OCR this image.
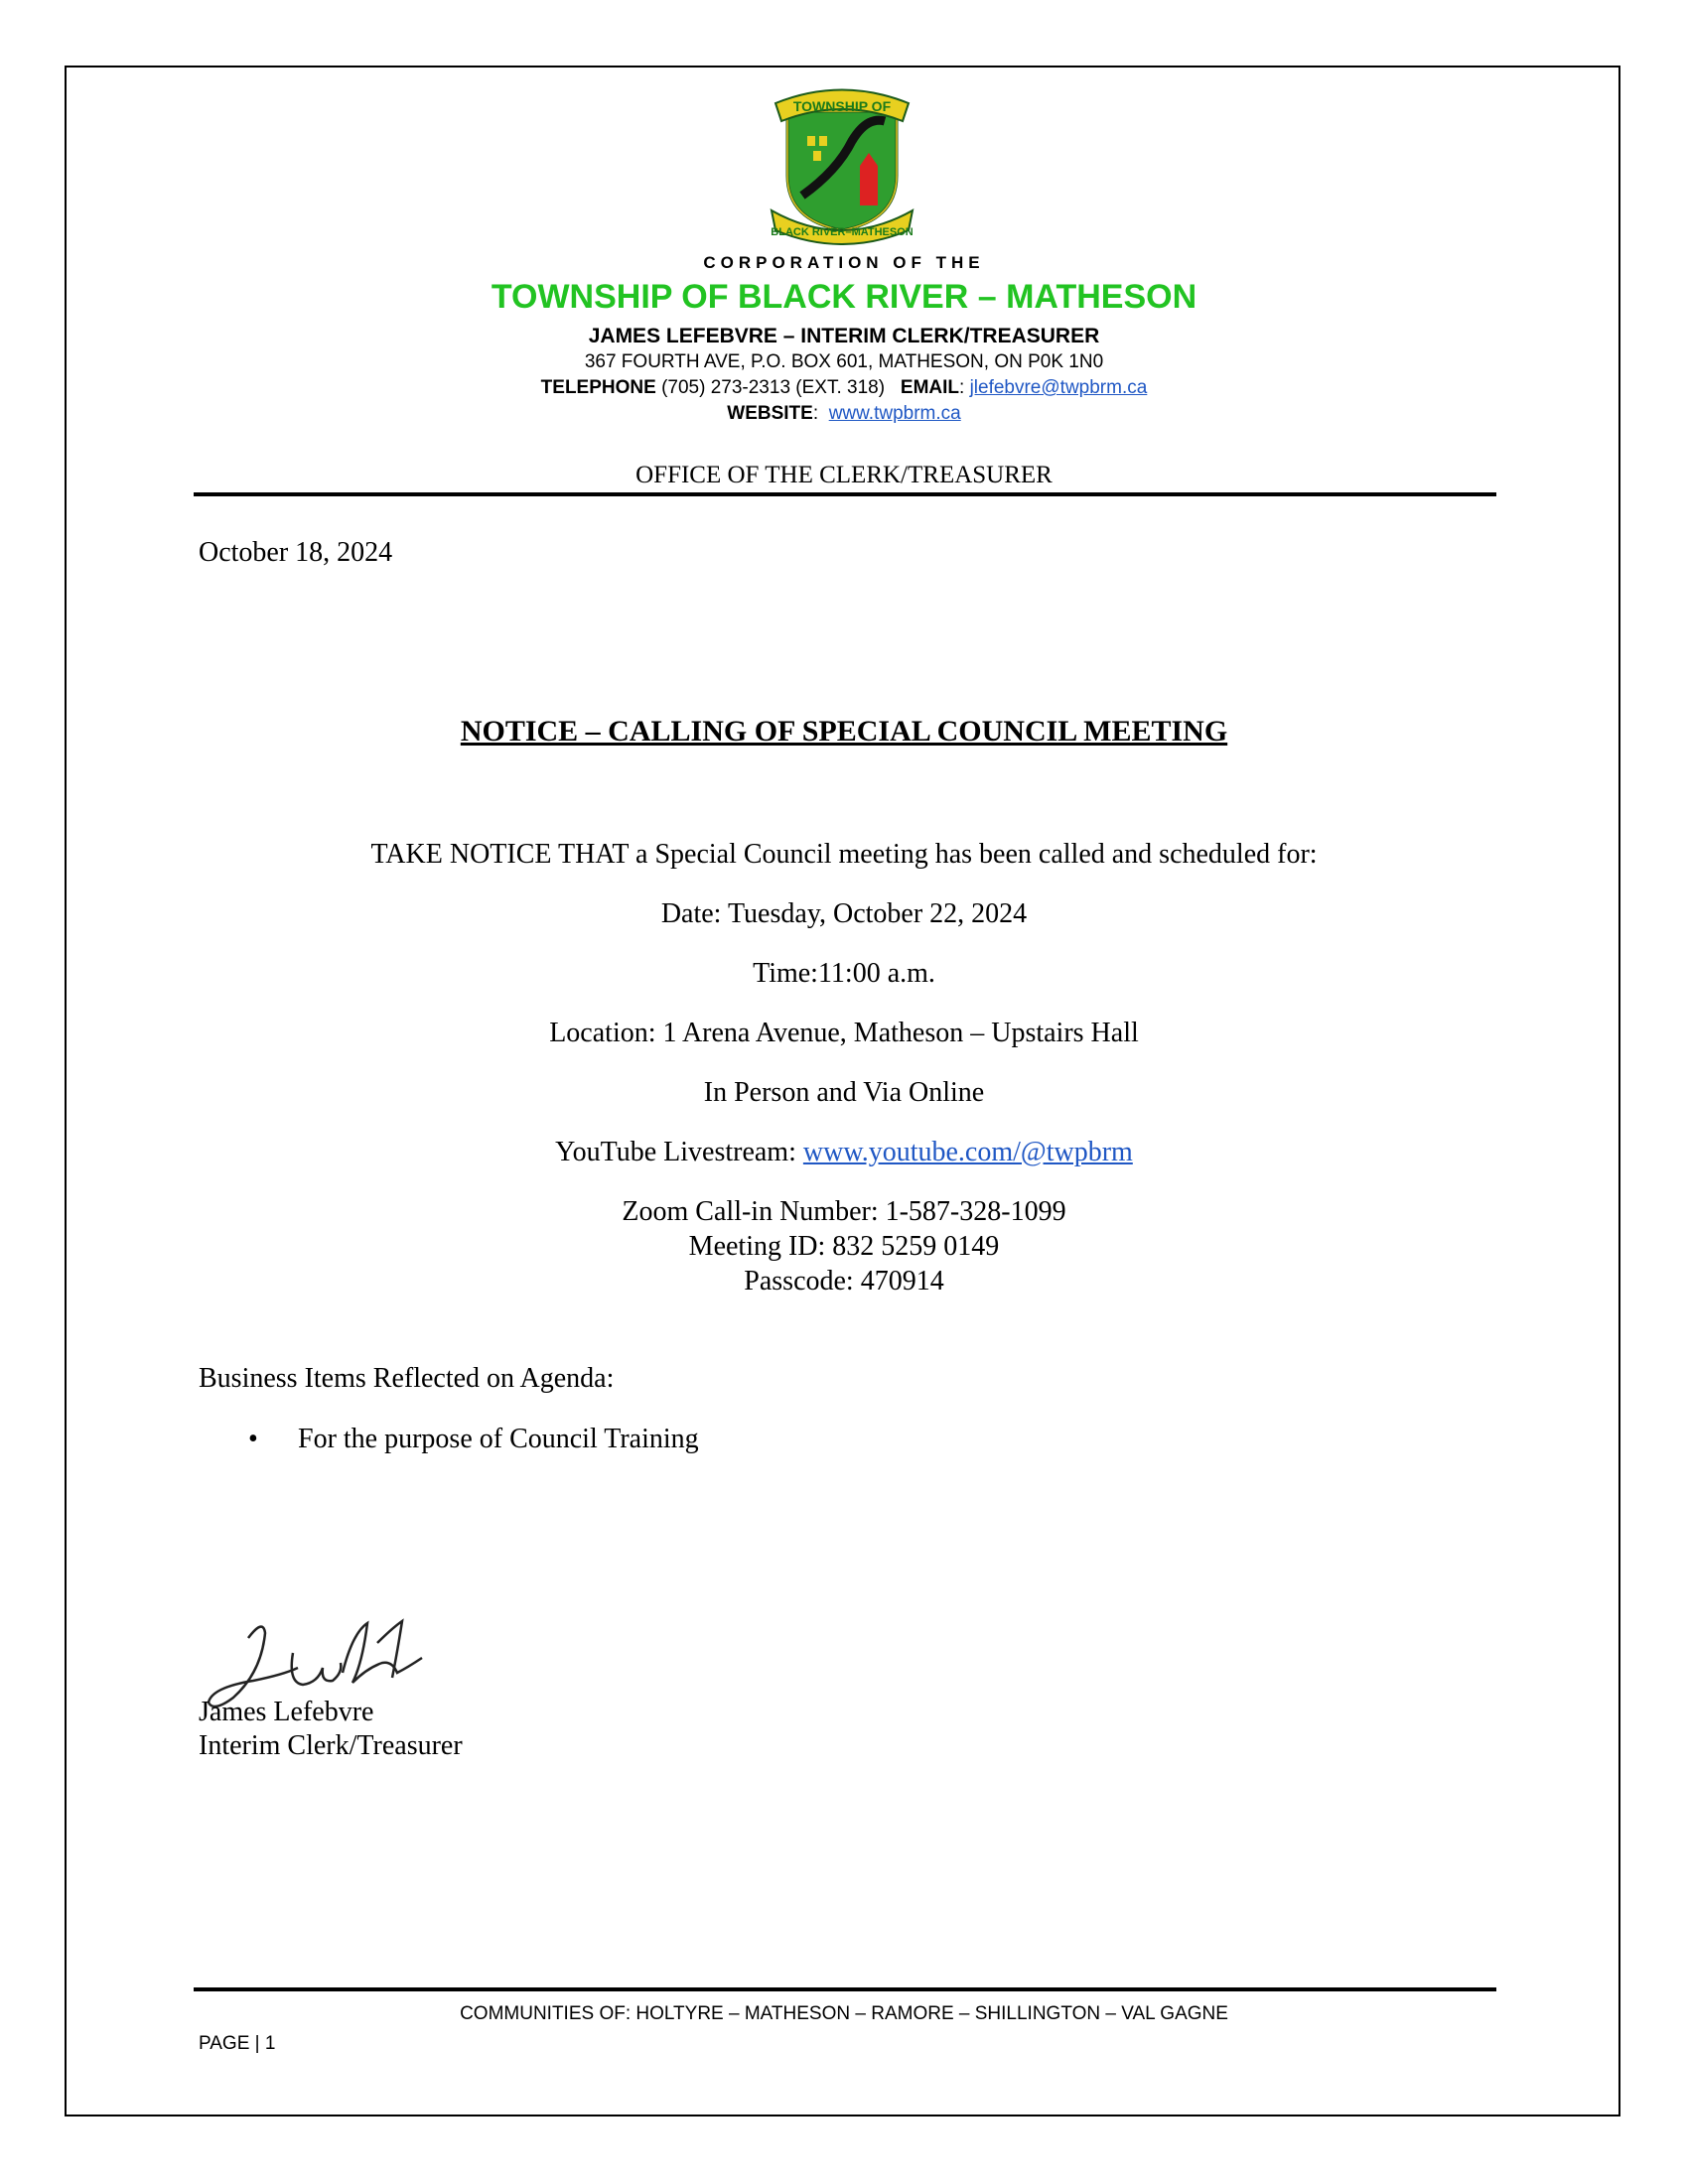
TOWNSHIP OF
BLACK RIVER–MATHESON
CORPORATION OF THE
TOWNSHIP OF BLACK RIVER – MATHESON
JAMES LEFEBVRE – INTERIM CLERK/TREASURER
367 FOURTH AVE, P.O. BOX 601, MATHESON, ON P0K 1N0
TELEPHONE (705) 273-2313 (EXT. 318) EMAIL: jlefebvre@twpbrm.ca
WEBSITE:  www.twpbrm.ca
OFFICE OF THE CLERK/TREASURER
October 18, 2024
NOTICE – CALLING OF SPECIAL COUNCIL MEETING
TAKE NOTICE THAT a Special Council meeting has been called and scheduled for:
Date: Tuesday, October 22, 2024
Time:11:00 a.m.
Location: 1 Arena Avenue, Matheson – Upstairs Hall
In Person and Via Online
YouTube Livestream: www.youtube.com/@twpbrm
Zoom Call-in Number: 1-587-328-1099
Meeting ID: 832 5259 0149
Passcode: 470914
Business Items Reflected on Agenda:
• For the purpose of Council Training
James Lefebvre
Interim Clerk/Treasurer
COMMUNITIES OF: HOLTYRE – MATHESON – RAMORE – SHILLINGTON – VAL GAGNE
PAGE | 1
